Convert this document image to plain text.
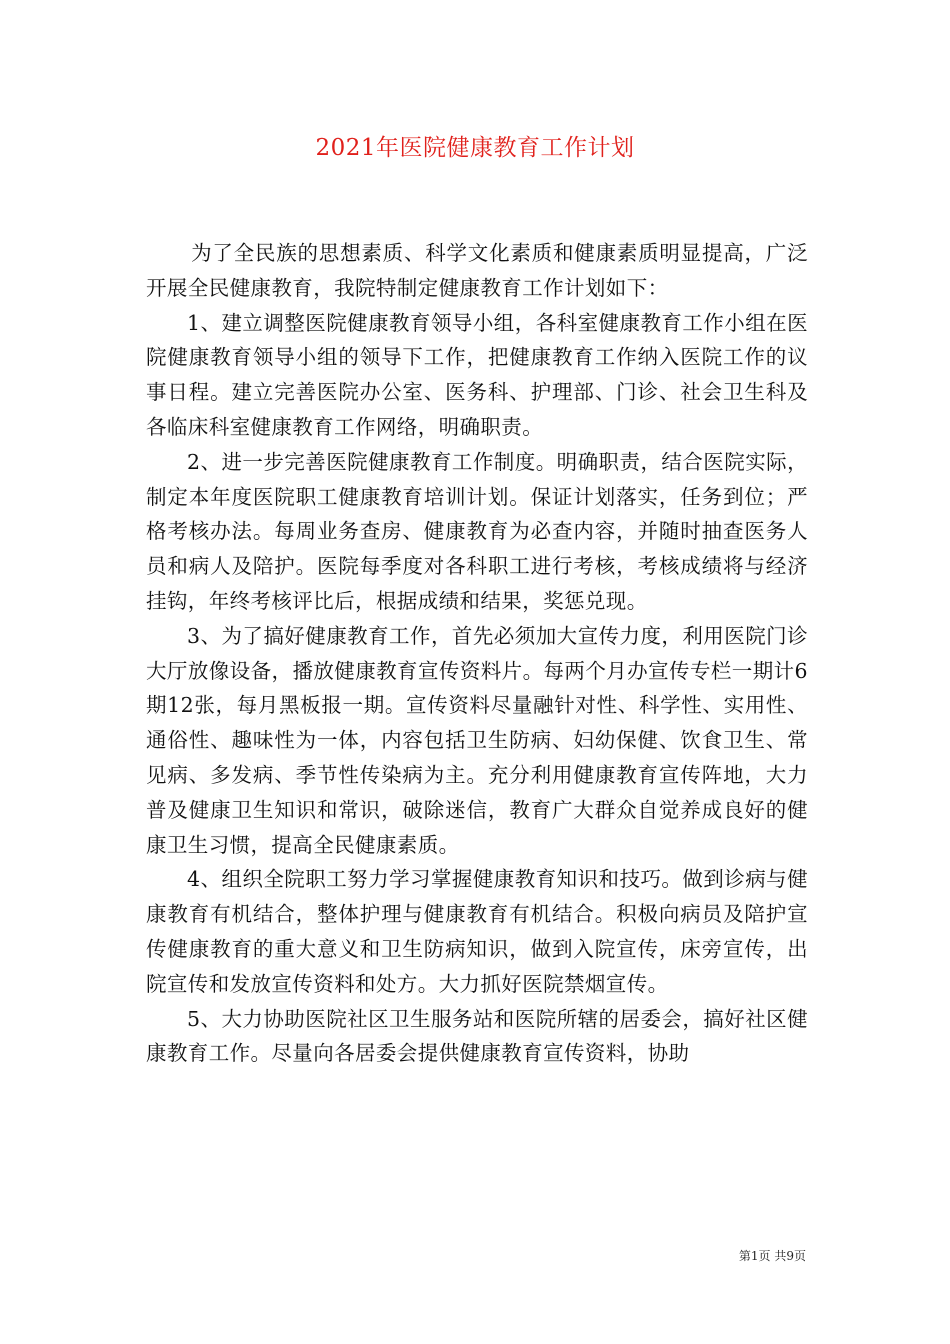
2021年医院健康教育工作计划

为了全民族的思想素质、科学文化素质和健康素质明显提高，广泛开展全民健康教育，我院特制定健康教育工作计划如下：

1、建立调整医院健康教育领导小组，各科室健康教育工作小组在医院健康教育领导小组的领导下工作，把健康教育工作纳入医院工作的议事日程。建立完善医院办公室、医务科、护理部、门诊、社会卫生科及各临床科室健康教育工作网络，明确职责。

2、进一步完善医院健康教育工作制度。明确职责，结合医院实际，制定本年度医院职工健康教育培训计划。保证计划落实，任务到位；严格考核办法。每周业务查房、健康教育为必查内容，并随时抽查医务人员和病人及陪护。医院每季度对各科职工进行考核，考核成绩将与经济挂钩，年终考核评比后，根据成绩和结果，奖惩兑现。

3、为了搞好健康教育工作，首先必须加大宣传力度，利用医院门诊大厅放像设备，播放健康教育宣传资料片。每两个月办宣传专栏一期计6期12张，每月黑板报一期。宣传资料尽量融针对性、科学性、实用性、通俗性、趣味性为一体，内容包括卫生防病、妇幼保健、饮食卫生、常见病、多发病、季节性传染病为主。充分利用健康教育宣传阵地，大力普及健康卫生知识和常识，破除迷信，教育广大群众自觉养成良好的健康卫生习惯，提高全民健康素质。

4、组织全院职工努力学习掌握健康教育知识和技巧。做到诊病与健康教育有机结合，整体护理与健康教育有机结合。积极向病员及陪护宣传健康教育的重大意义和卫生防病知识，做到入院宣传，床旁宣传，出院宣传和发放宣传资料和处方。大力抓好医院禁烟宣传。

5、大力协助医院社区卫生服务站和医院所辖的居委会，搞好社区健康教育工作。尽量向各居委会提供健康教育宣传资料，协助

第1页 共9页
